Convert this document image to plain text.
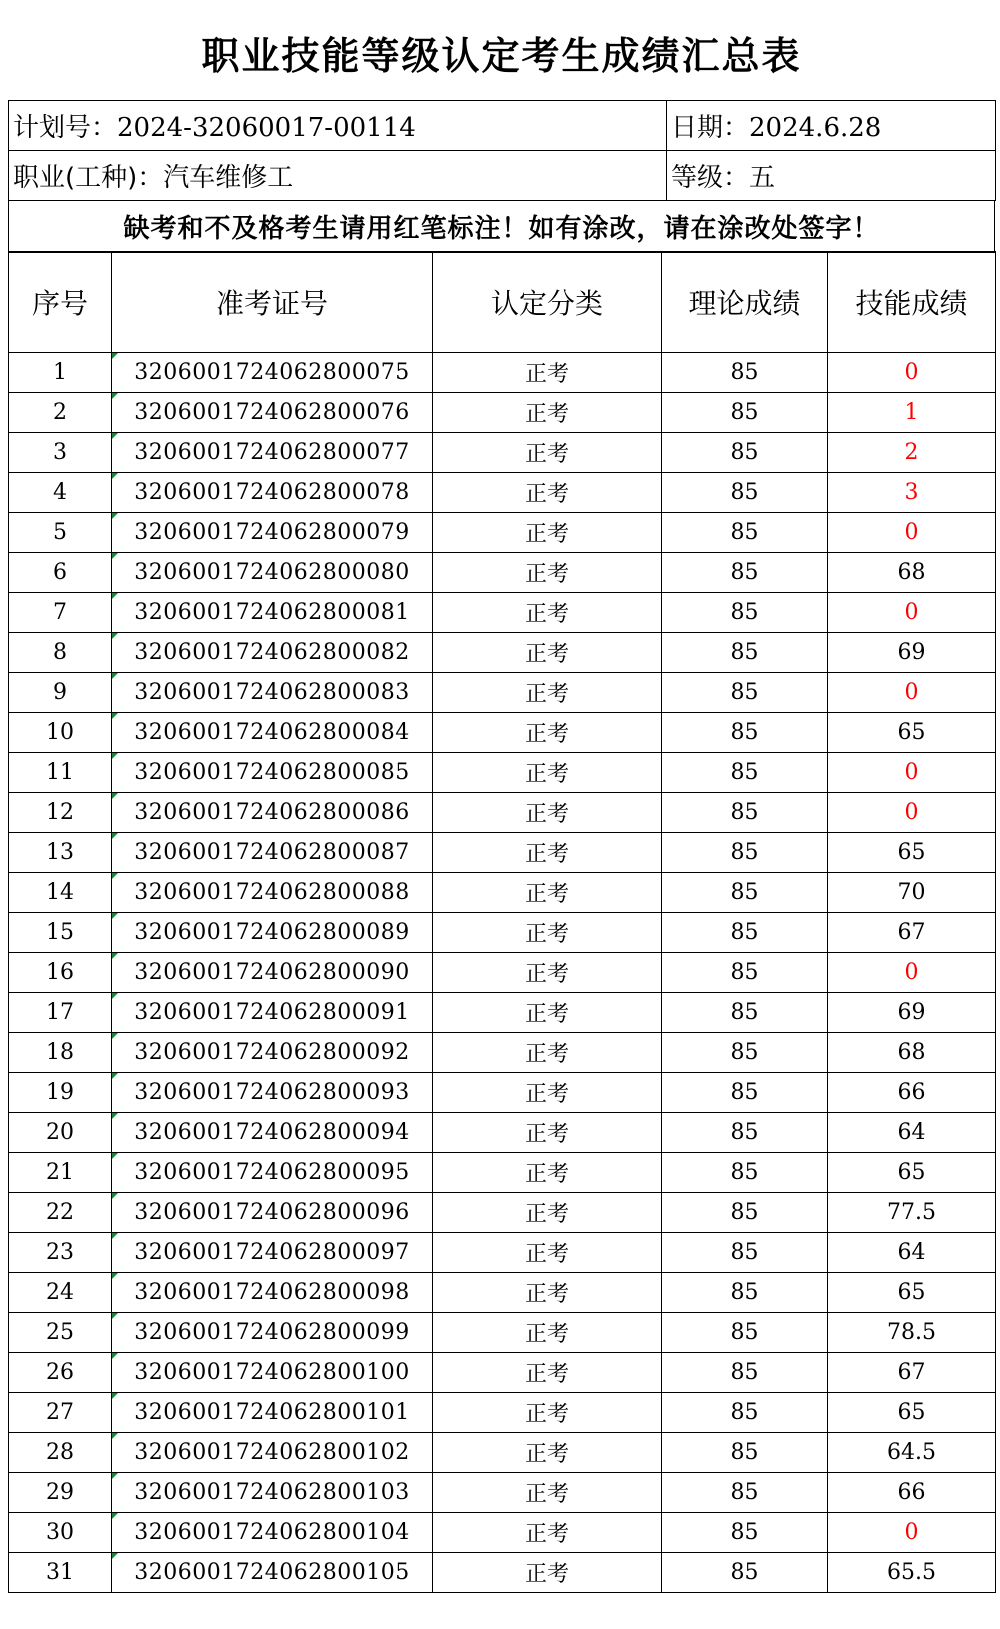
职业技能等级认定考生成绩汇总表
计划号：2024-32060017-00114	日期：2024.6.28
职业(工种)：汽车维修工	等级：五
缺考和不及格考生请用红笔标注！如有涂改，请在涂改处签字！
序号	准考证号	认定分类	理论成绩	技能成绩
1	3206001724062800075	正考	85	0
2	3206001724062800076	正考	85	1
3	3206001724062800077	正考	85	2
4	3206001724062800078	正考	85	3
5	3206001724062800079	正考	85	0
6	3206001724062800080	正考	85	68
7	3206001724062800081	正考	85	0
8	3206001724062800082	正考	85	69
9	3206001724062800083	正考	85	0
10	3206001724062800084	正考	85	65
11	3206001724062800085	正考	85	0
12	3206001724062800086	正考	85	0
13	3206001724062800087	正考	85	65
14	3206001724062800088	正考	85	70
15	3206001724062800089	正考	85	67
16	3206001724062800090	正考	85	0
17	3206001724062800091	正考	85	69
18	3206001724062800092	正考	85	68
19	3206001724062800093	正考	85	66
20	3206001724062800094	正考	85	64
21	3206001724062800095	正考	85	65
22	3206001724062800096	正考	85	77.5
23	3206001724062800097	正考	85	64
24	3206001724062800098	正考	85	65
25	3206001724062800099	正考	85	78.5
26	3206001724062800100	正考	85	67
27	3206001724062800101	正考	85	65
28	3206001724062800102	正考	85	64.5
29	3206001724062800103	正考	85	66
30	3206001724062800104	正考	85	0
31	3206001724062800105	正考	85	65.5
